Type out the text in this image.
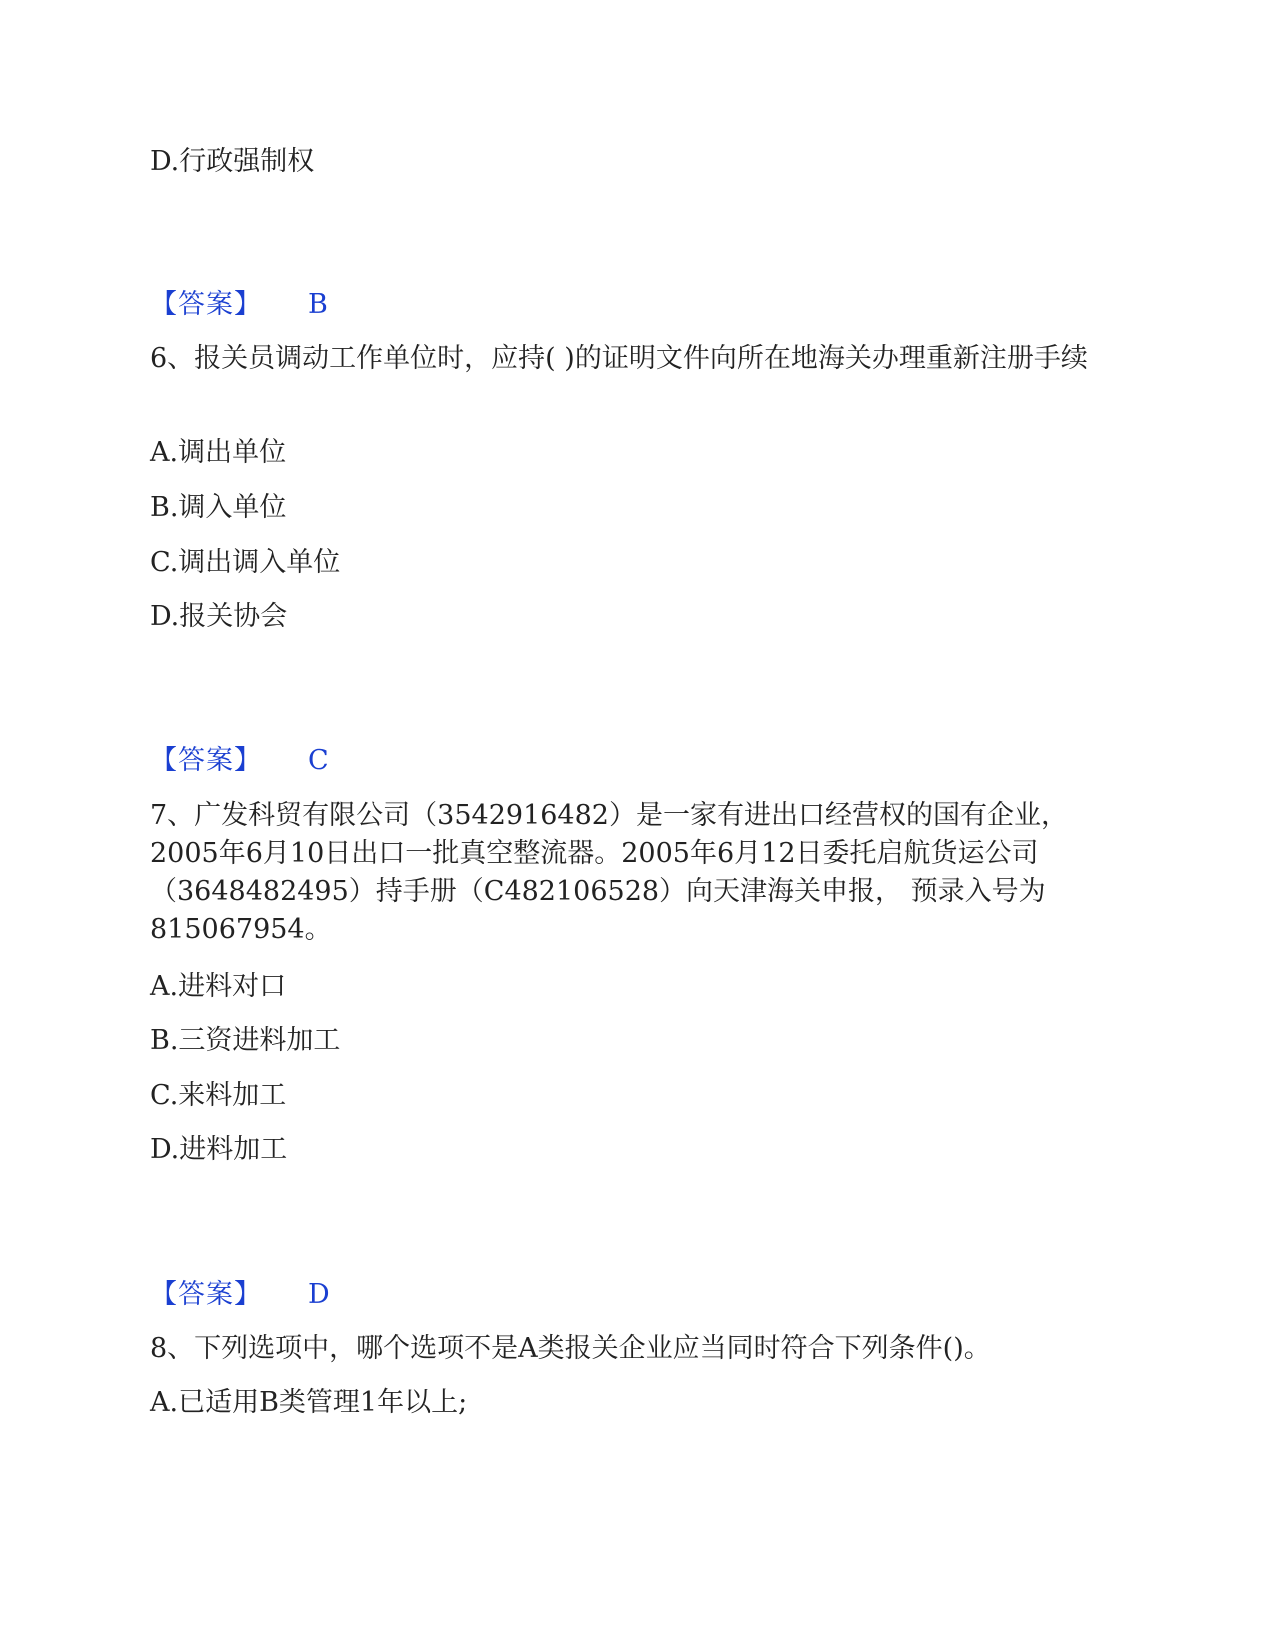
D.行政强制权
【答案】 B
6、报关员调动工作单位时，应持( )的证明文件向所在地海关办理重新注册手续
A.调出单位
B.调入单位
C.调出调入单位
D.报关协会
【答案】 C
7、广发科贸有限公司（3542916482）是一家有进出口经营权的国有企业，2005年6月10日出口一批真空整流器。2005年6月12日委托启航货运公司（3648482495）持手册（C482106528）向天津海关申报， 预录入号为815067954。
A.进料对口
B.三资进料加工
C.来料加工
D.进料加工
【答案】 D
8、下列选项中，哪个选项不是A类报关企业应当同时符合下列条件()。
A.已适用B类管理1年以上;
